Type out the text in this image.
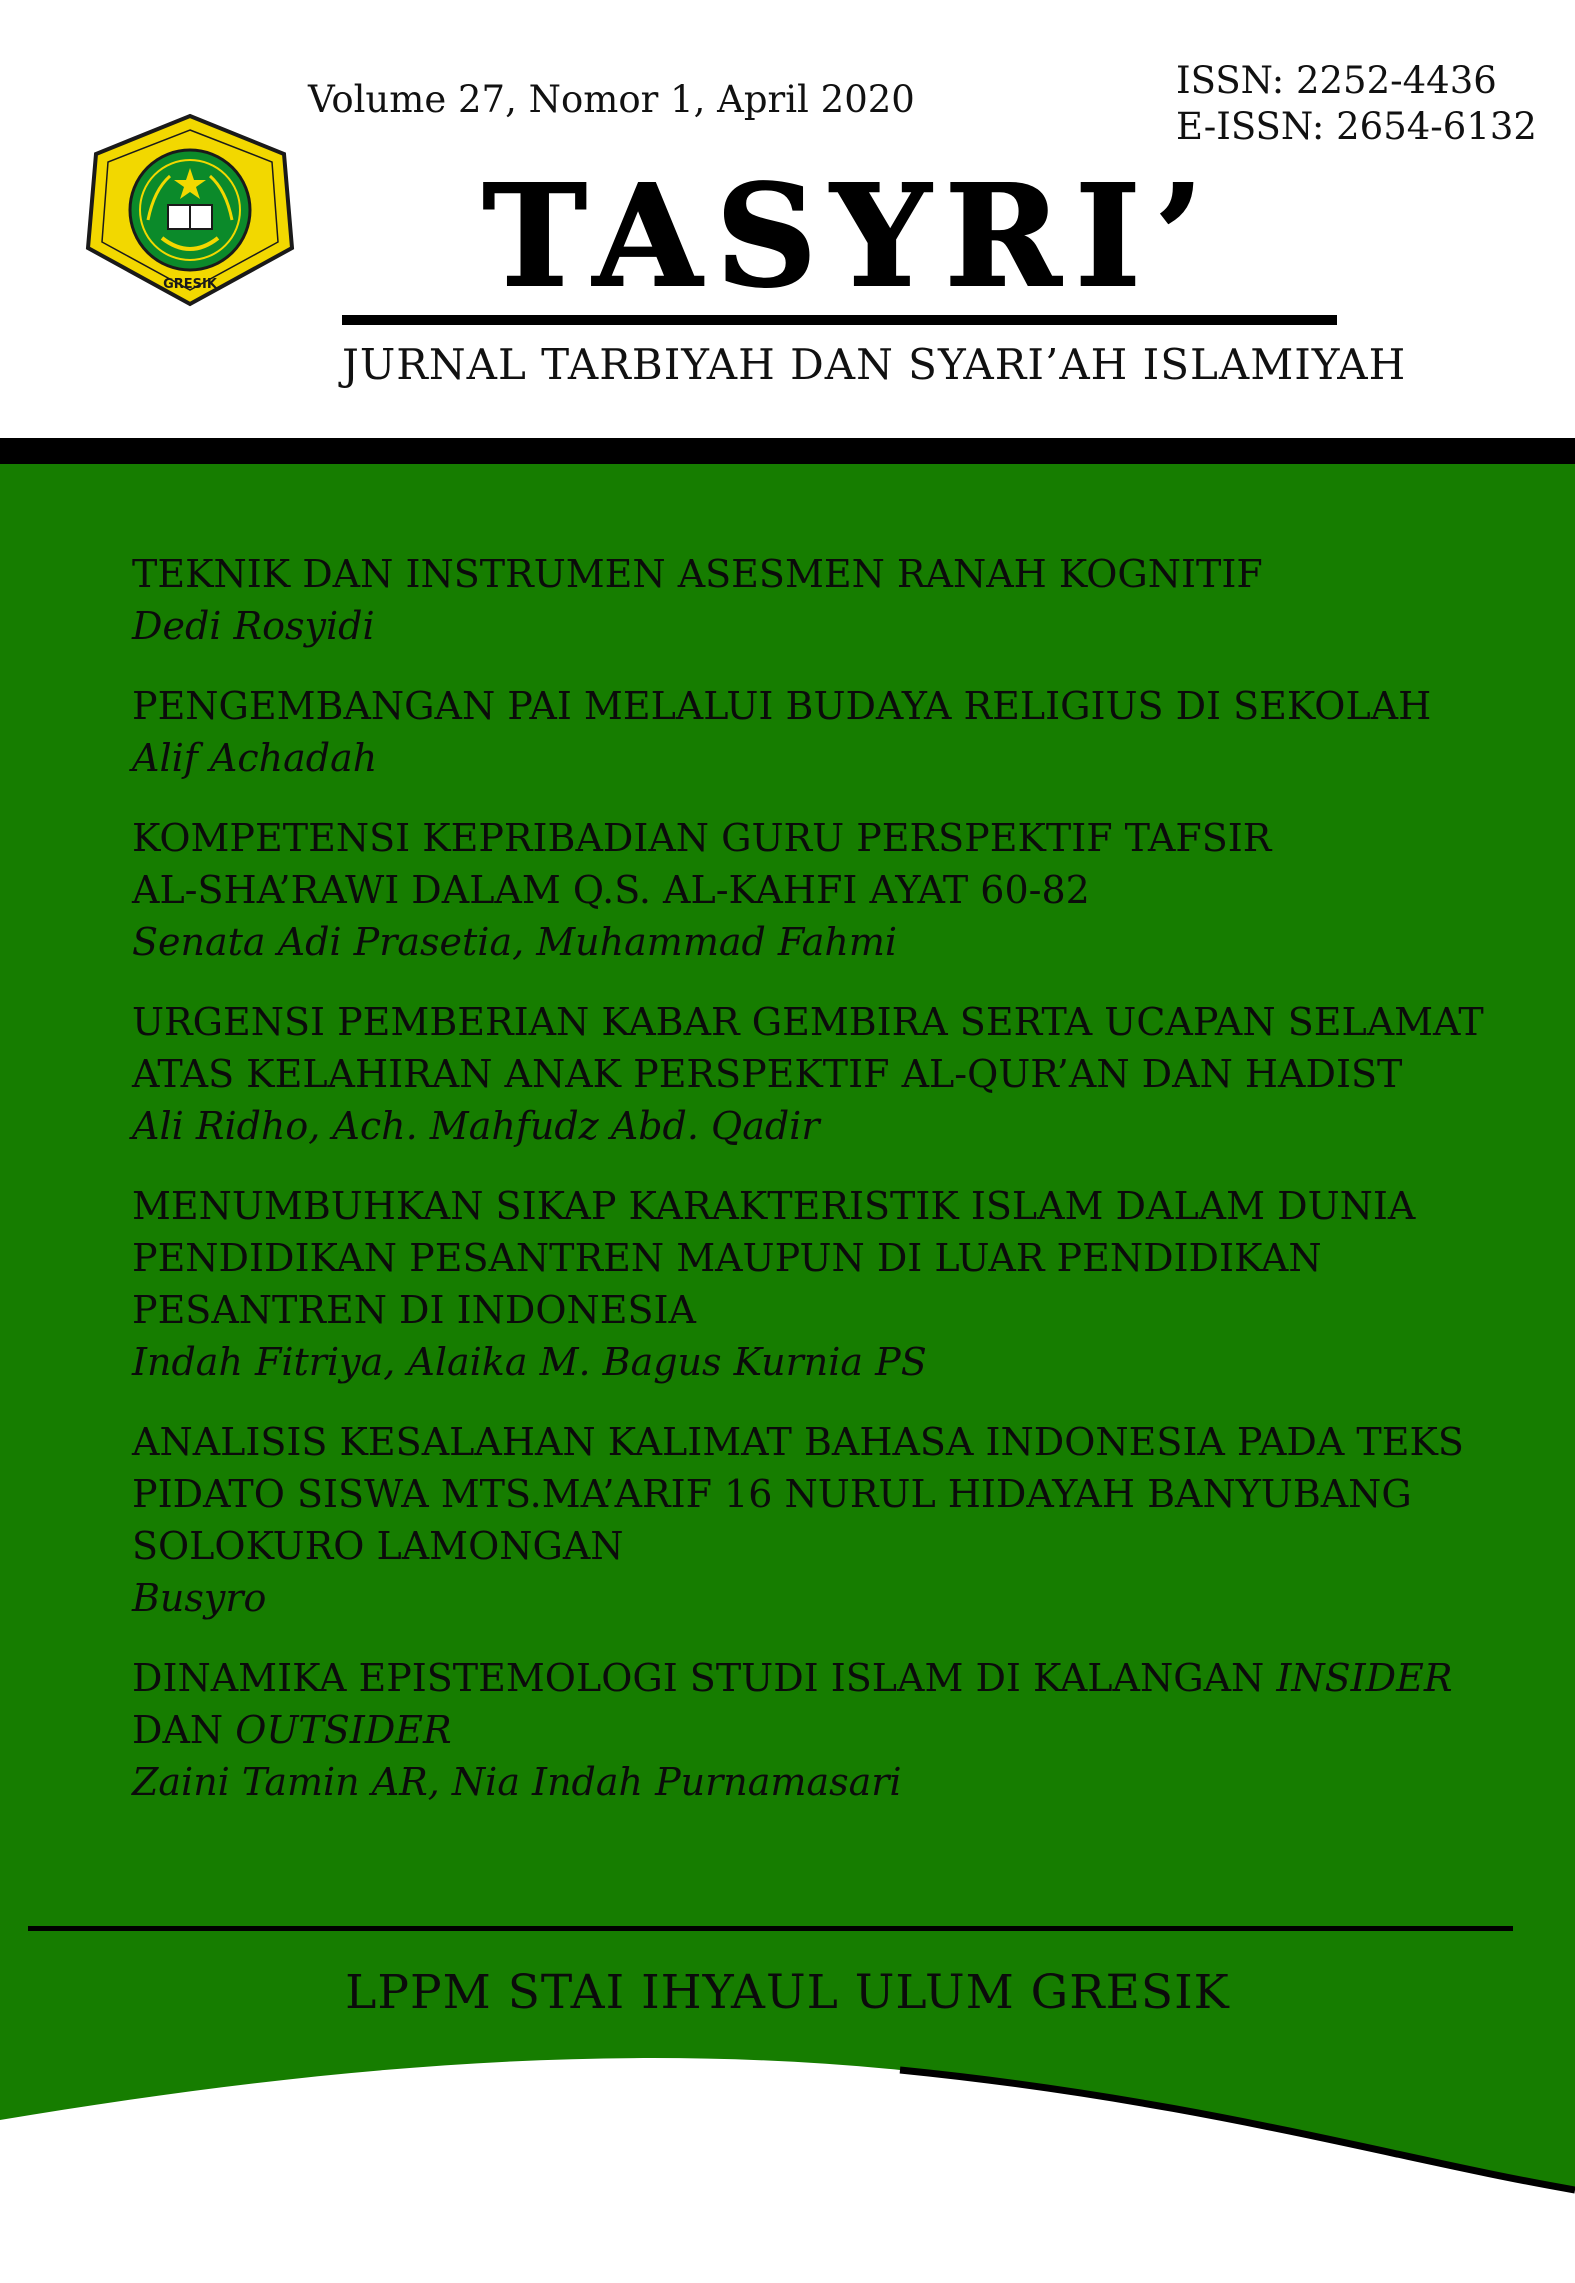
GRESIK
Volume 27, Nomor 1, April 2020	ISSN: 2252-4436
E-ISSN: 2654-6132
TASYRI’
JURNAL TARBIYAH DAN SYARI’AH ISLAMIYAH
TEKNIK DAN INSTRUMEN ASESMEN RANAH KOGNITIF
Dedi Rosyidi
PENGEMBANGAN PAI MELALUI BUDAYA RELIGIUS DI SEKOLAH
Alif Achadah
KOMPETENSI KEPRIBADIAN GURU PERSPEKTIF TAFSIR
AL-SHA’RAWI DALAM Q.S. AL-KAHFI AYAT 60-82
Senata Adi Prasetia, Muhammad Fahmi
URGENSI PEMBERIAN KABAR GEMBIRA SERTA UCAPAN SELAMAT
ATAS KELAHIRAN ANAK PERSPEKTIF AL-QUR’AN DAN HADIST
Ali Ridho, Ach. Mahfudz Abd. Qadir
MENUMBUHKAN SIKAP KARAKTERISTIK ISLAM DALAM DUNIA
PENDIDIKAN PESANTREN MAUPUN DI LUAR PENDIDIKAN
PESANTREN DI INDONESIA
Indah Fitriya, Alaika M. Bagus Kurnia PS
ANALISIS KESALAHAN KALIMAT BAHASA INDONESIA PADA TEKS
PIDATO SISWA MTS.MA’ARIF 16 NURUL HIDAYAH BANYUBANG
SOLOKURO LAMONGAN
Busyro
DINAMIKA EPISTEMOLOGI STUDI ISLAM DI KALANGAN INSIDER
DAN OUTSIDER
Zaini Tamin AR, Nia Indah Purnamasari
LPPM STAI IHYAUL ULUM GRESIK
